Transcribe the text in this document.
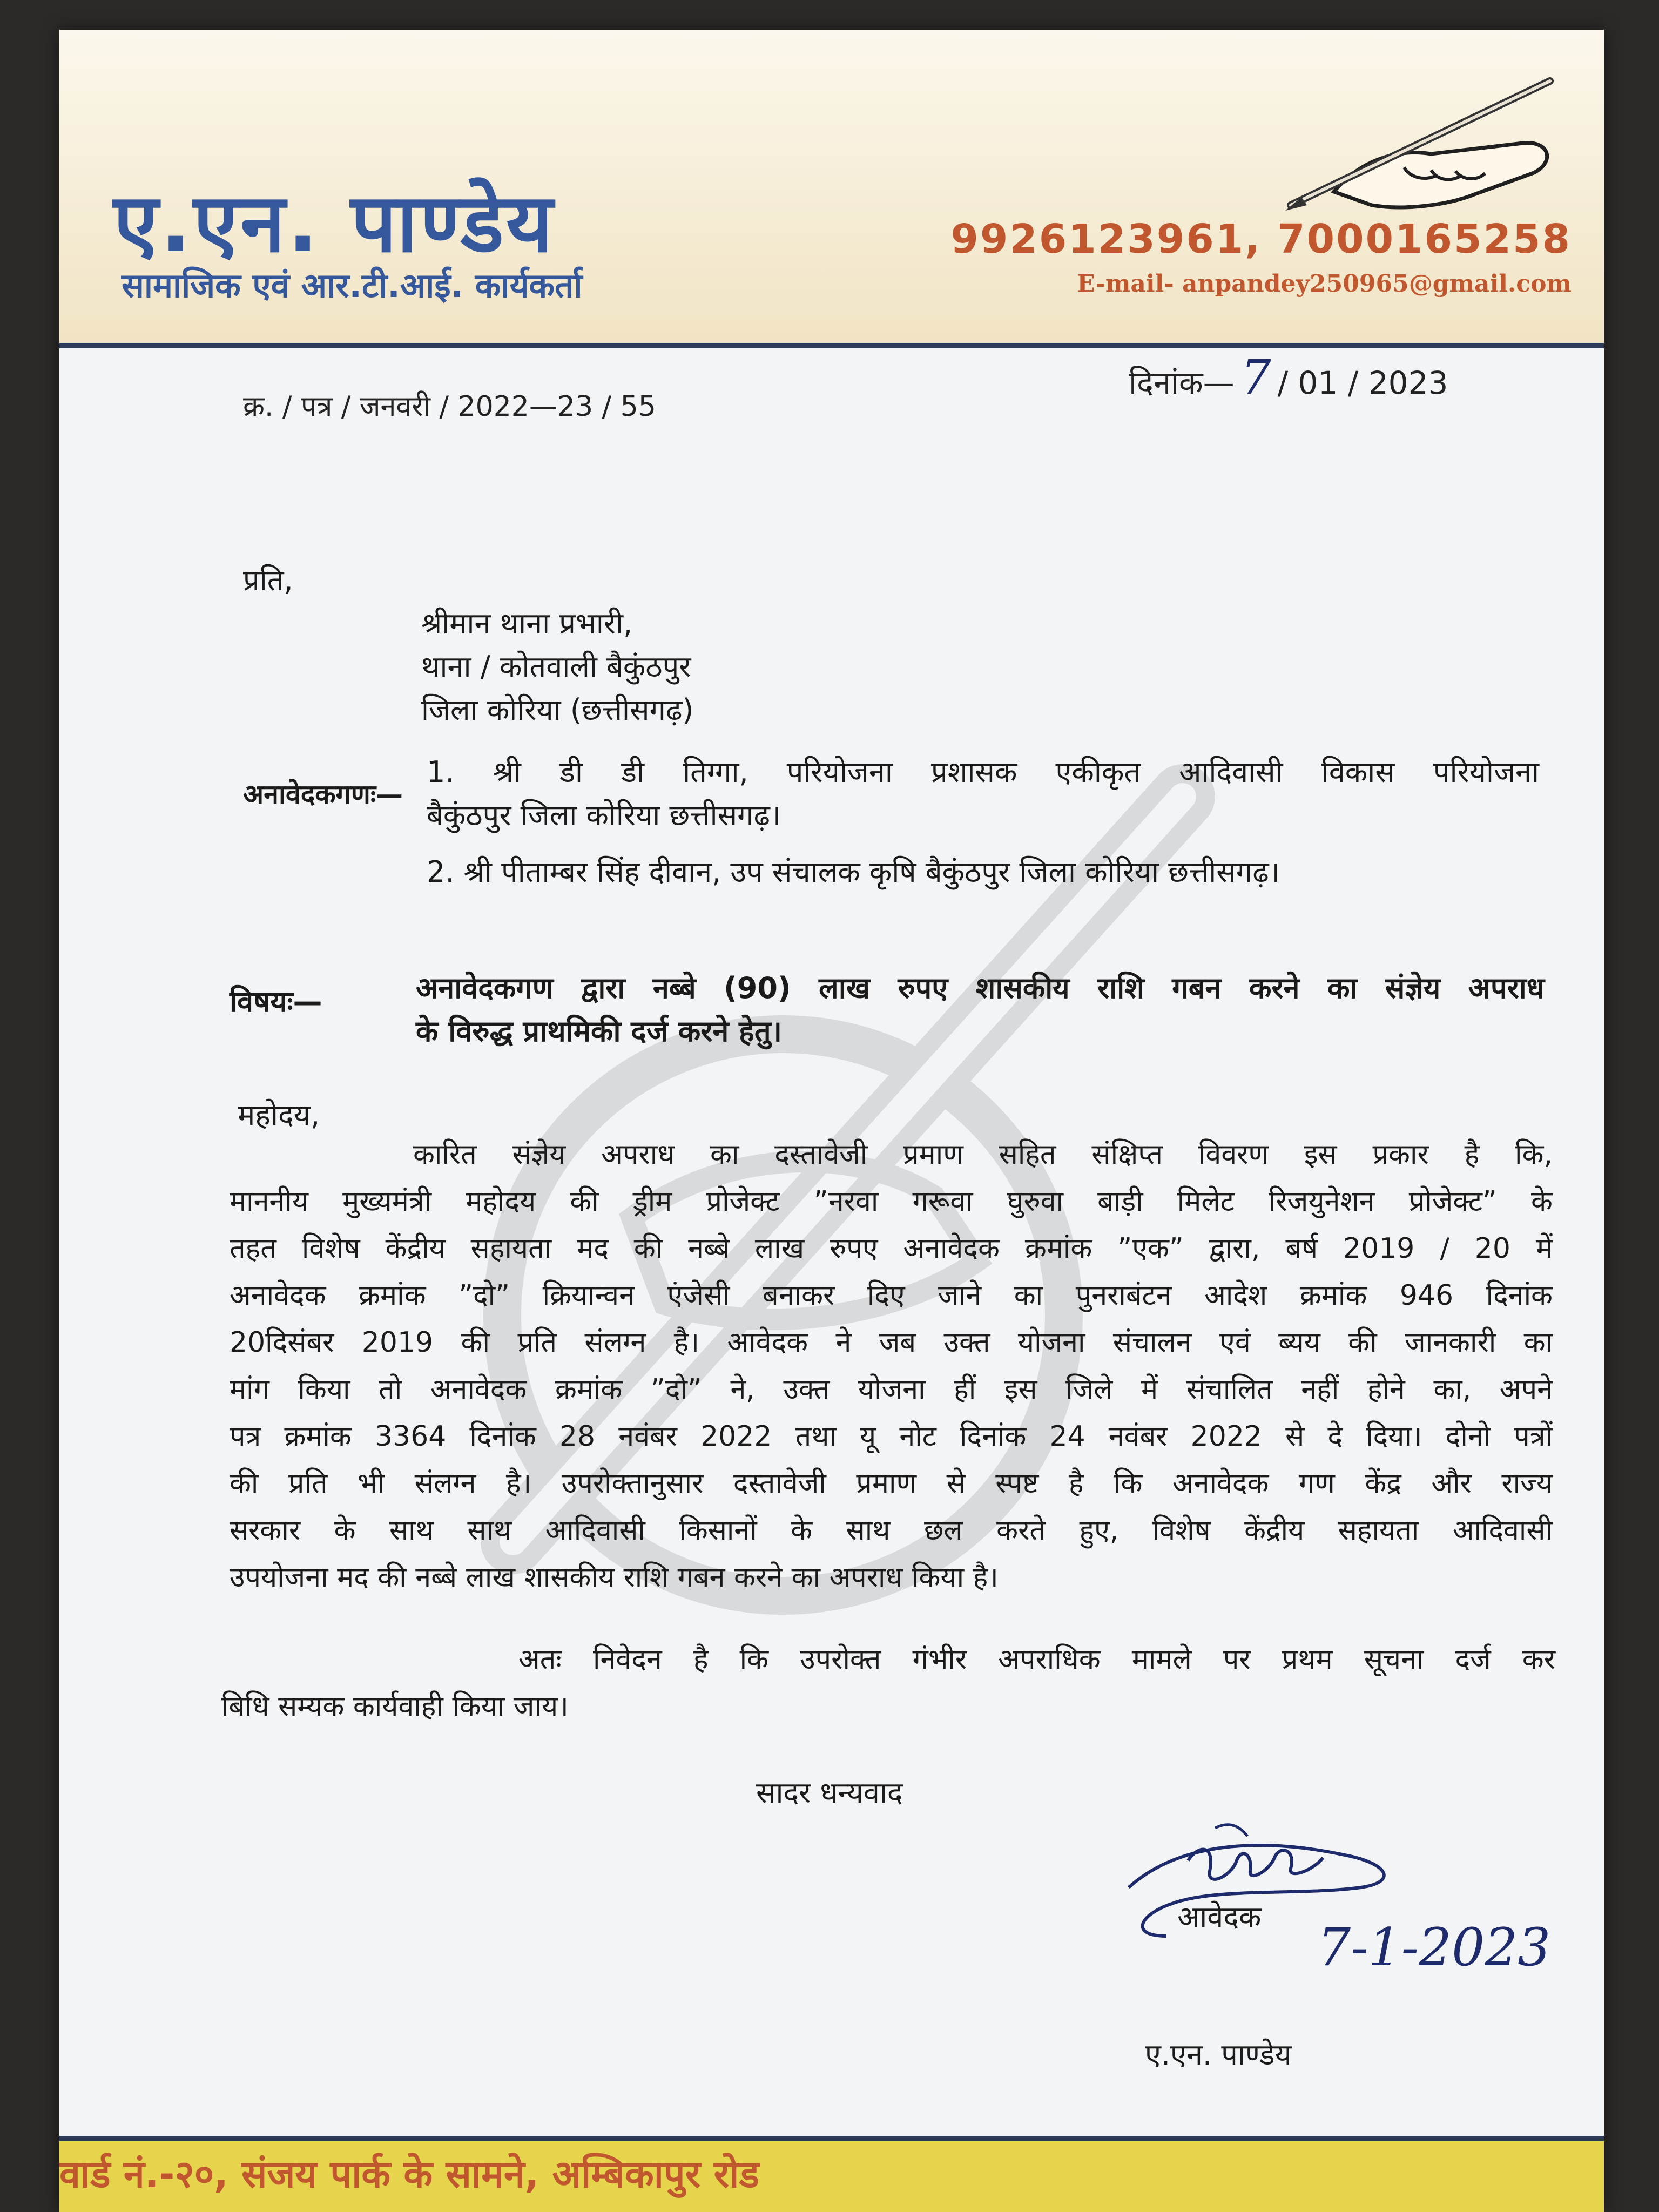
ए.एन. पाण्डेय
सामाजिक एवं आर.टी.आई. कार्यकर्ता
9926123961, 7000165258
E-mail- anpandey250965@gmail.com
क्र. / पत्र / जनवरी / 2022—23 / 55
दिनांक— 7 / 01 / 2023
प्रति,
श्रीमान थाना प्रभारी,
थाना / कोतवाली बैकुंठपुर
जिला कोरिया (छत्तीसगढ़)
अनावेदकगणः—
1. श्री डी डी तिग्गा, परियोजना प्रशासक एकीकृत आदिवासी विकास परियोजना
बैकुंठपुर जिला कोरिया छत्तीसगढ़।
2. श्री पीताम्बर सिंह दीवान, उप संचालक कृषि बैकुंठपुर जिला कोरिया छत्तीसगढ़।
विषयः—	अनावेदकगण द्वारा नब्बे (90) लाख रुपए शासकीय राशि गबन करने का संज्ञेय अपराध
के विरुद्ध प्राथमिकी दर्ज करने हेतु।
महोदय,
कारित संज्ञेय अपराध का दस्तावेजी प्रमाण सहित संक्षिप्त विवरण इस प्रकार है कि,
माननीय मुख्यमंत्री महोदय की ड्रीम प्रोजेक्ट ”नरवा गरूवा घुरुवा बाड़ी मिलेट रिजयुनेशन प्रोजेक्ट” के
तहत विशेष केंद्रीय सहायता मद की नब्बे लाख रुपए अनावेदक क्रमांक ”एक” द्वारा, बर्ष 2019 / 20 में
अनावेदक क्रमांक ”दो” क्रियान्वन एंजेसी बनाकर दिए जाने का पुनराबंटन आदेश क्रमांक 946 दिनांक
20दिसंबर 2019 की प्रति संलग्न है। आवेदक ने जब उक्त योजना संचालन एवं ब्यय की जानकारी का
मांग किया तो अनावेदक क्रमांक ”दो” ने, उक्त योजना हीं इस जिले में संचालित नहीं होने का, अपने
पत्र क्रमांक 3364 दिनांक 28 नवंबर 2022 तथा यू नोट दिनांक 24 नवंबर 2022 से दे दिया। दोनो पत्रों
की प्रति भी संलग्न है। उपरोक्तानुसार दस्तावेजी प्रमाण से स्पष्ट है कि अनावेदक गण केंद्र और राज्य
सरकार के साथ साथ आदिवासी किसानों के साथ छल करते हुए, विशेष केंद्रीय सहायता आदिवासी
उपयोजना मद की नब्बे लाख शासकीय राशि गबन करने का अपराध किया है।
अतः निवेदन है कि उपरोक्त गंभीर अपराधिक मामले पर प्रथम सूचना दर्ज कर
बिधि सम्यक कार्यवाही किया जाय।
सादर धन्यवाद
आवेदक
7-1-2023
ए.एन. पाण्डेय
वार्ड नं.-२०, संजय पार्क के सामने, अम्बिकापुर रोड
